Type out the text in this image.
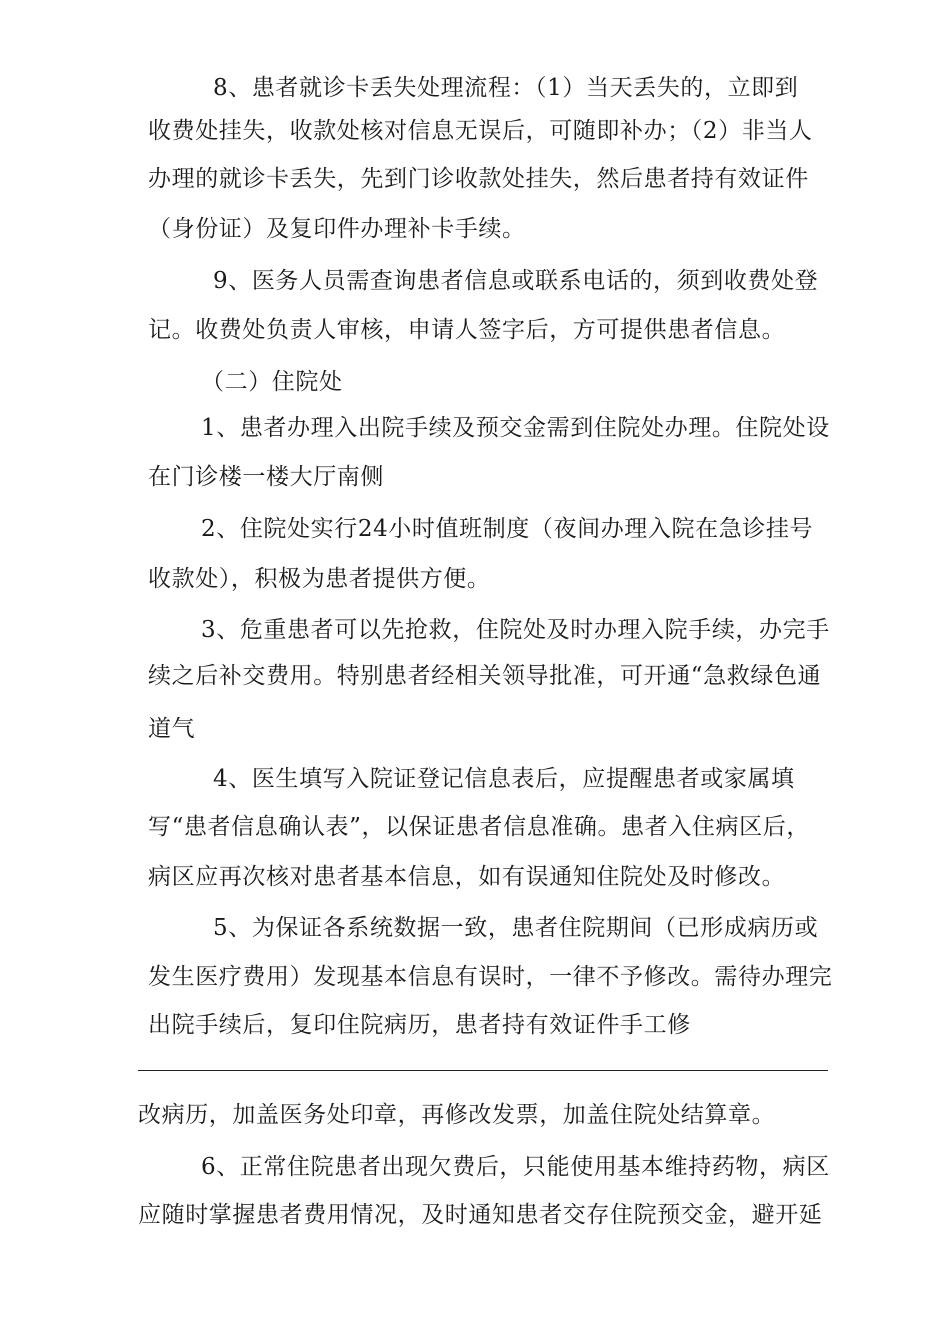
8、患者就诊卡丢失处理流程：（1）当天丢失的，立即到
收费处挂失，收款处核对信息无误后，可随即补办；（2）非当人
办理的就诊卡丢失，先到门诊收款处挂失，然后患者持有效证件
（身份证）及复印件办理补卡手续。
9、医务人员需查询患者信息或联系电话的，须到收费处登
记。收费处负责人审核，申请人签字后，方可提供患者信息。
（二）住院处
1、患者办理入出院手续及预交金需到住院处办理。住院处设
在门诊楼一楼大厅南侧
2、住院处实行24小时值班制度（夜间办理入院在急诊挂号
收款处），积极为患者提供方便。
3、危重患者可以先抢救，住院处及时办理入院手续，办完手
续之后补交费用。特别患者经相关领导批准，可开通“急救绿色通
道气
4、医生填写入院证登记信息表后，应提醒患者或家属填
写“患者信息确认表”，以保证患者信息准确。患者入住病区后，
病区应再次核对患者基本信息，如有误通知住院处及时修改。
5、为保证各系统数据一致，患者住院期间（已形成病历或
发生医疗费用）发现基本信息有误时，一律不予修改。需待办理完
出院手续后，复印住院病历，患者持有效证件手工修
改病历，加盖医务处印章，再修改发票，加盖住院处结算章。
6、正常住院患者出现欠费后，只能使用基本维持药物，病区
应随时掌握患者费用情况，及时通知患者交存住院预交金，避开延
